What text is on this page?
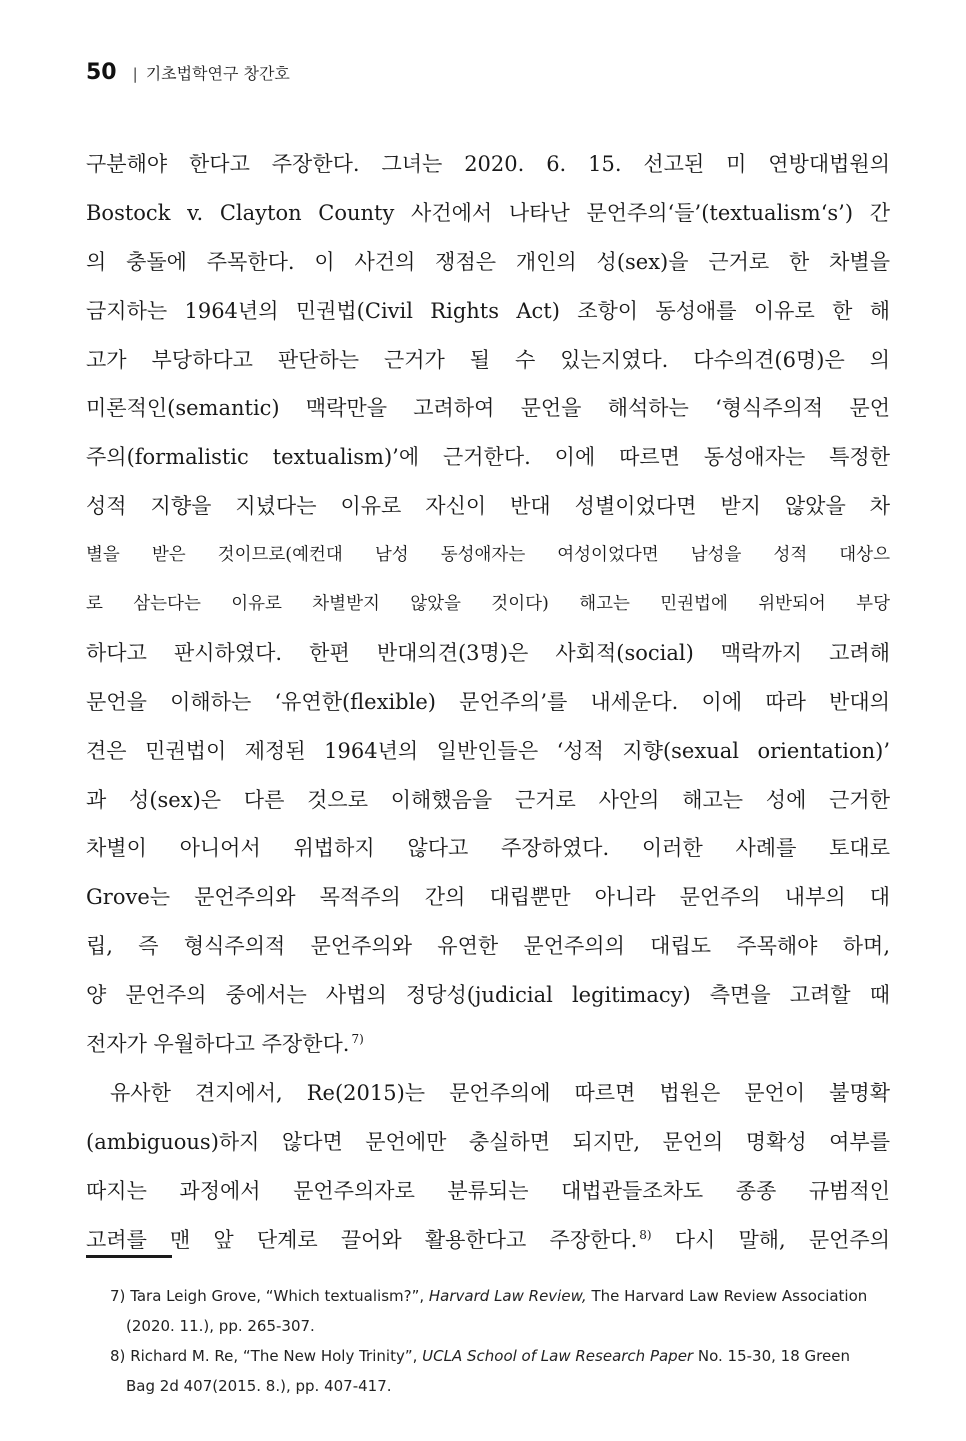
50 | 기초법학연구 창간호
구분해야 한다고 주장한다. 그녀는 2020. 6. 15. 선고된 미 연방대법원의
Bostock v. Clayton County 사건에서 나타난 문언주의‘들’(textualism‘s’) 간
의 충돌에 주목한다. 이 사건의 쟁점은 개인의 성(sex)을 근거로 한 차별을
금지하는 1964년의 민권법(Civil Rights Act) 조항이 동성애를 이유로 한 해
고가 부당하다고 판단하는 근거가 될 수 있는지였다. 다수의견(6명)은 의
미론적인(semantic) 맥락만을 고려하여 문언을 해석하는 ‘형식주의적 문언
주의(formalistic textualism)’에 근거한다. 이에 따르면 동성애자는 특정한
성적 지향을 지녔다는 이유로 자신이 반대 성별이었다면 받지 않았을 차
별을 받은 것이므로(예컨대 남성 동성애자는 여성이었다면 남성을 성적 대상으
로 삼는다는 이유로 차별받지 않았을 것이다) 해고는 민권법에 위반되어 부당
하다고 판시하였다. 한편 반대의견(3명)은 사회적(social) 맥락까지 고려해
문언을 이해하는 ‘유연한(flexible) 문언주의’를 내세운다. 이에 따라 반대의
견은 민권법이 제정된 1964년의 일반인들은 ‘성적 지향(sexual orientation)’
과 성(sex)은 다른 것으로 이해했음을 근거로 사안의 해고는 성에 근거한
차별이 아니어서 위법하지 않다고 주장하였다. 이러한 사례를 토대로
Grove는 문언주의와 목적주의 간의 대립뿐만 아니라 문언주의 내부의 대
립, 즉 형식주의적 문언주의와 유연한 문언주의의 대립도 주목해야 하며,
양 문언주의 중에서는 사법의 정당성(judicial legitimacy) 측면을 고려할 때
전자가 우월하다고 주장한다. $^{7)}$
유사한 견지에서, Re(2015)는 문언주의에 따르면 법원은 문언이 불명확
(ambiguous)하지 않다면 문언에만 충실하면 되지만, 문언의 명확성 여부를
따지는 과정에서 문언주의자로 분류되는 대법관들조차도 종종 규범적인
고려를 맨 앞 단계로 끌어와 활용한다고 주장한다. $^{8)}$ 다시 말해, 문언주의
7) Tara Leigh Grove, “Which textualism?”, Harvard Law Review, The Harvard Law Review Association
(2020. 11.), pp. 265-307.
8) Richard M. Re, “The New Holy Trinity”, UCLA School of Law Research Paper No. 15-30, 18 Green
Bag 2d 407(2015. 8.), pp. 407-417.
